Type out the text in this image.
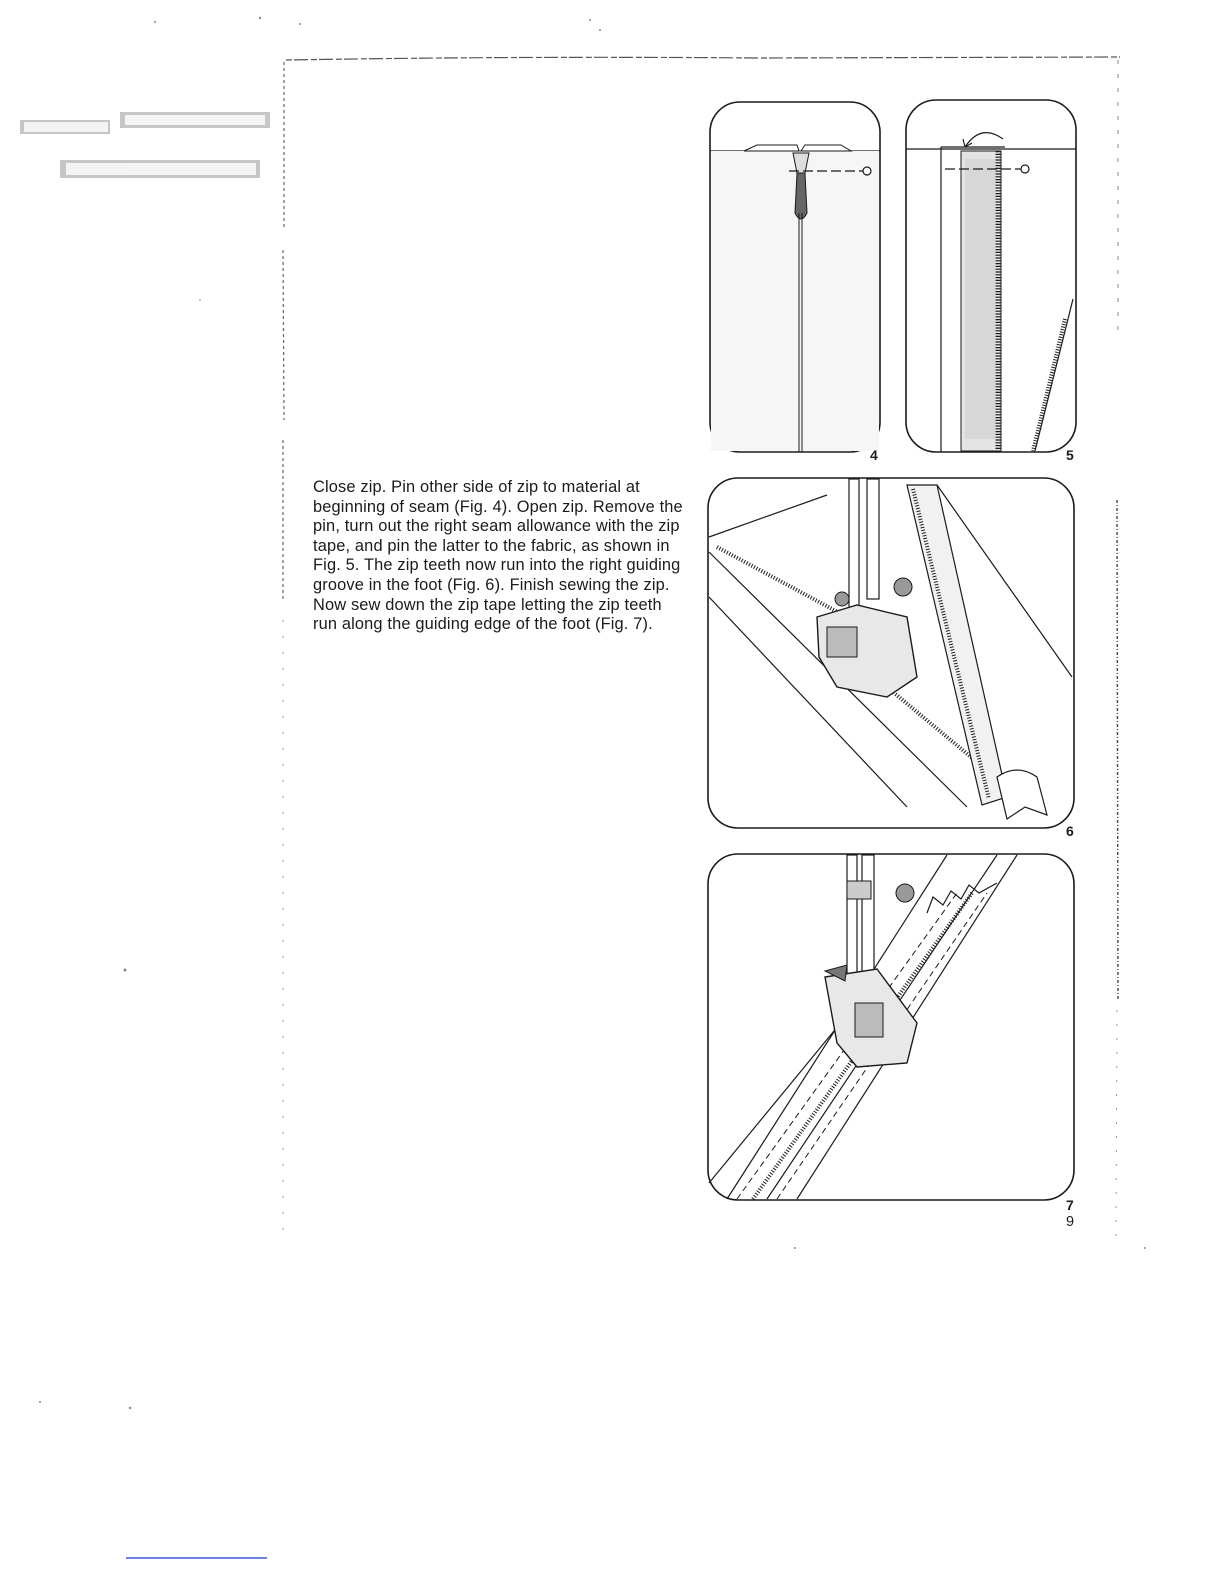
Close zip. Pin other side of zip to material at beginning of seam (Fig. 4). Open zip. Remove the pin, turn out the right seam allowance with the zip tape, and pin the latter to the fabric, as shown in Fig. 5. The zip teeth now run into the right guiding groove in the foot (Fig. 6). Finish sewing the zip. Now sew down the zip tape letting the zip teeth run along the guiding edge of the foot (Fig. 7).
4	5
6
7
9
